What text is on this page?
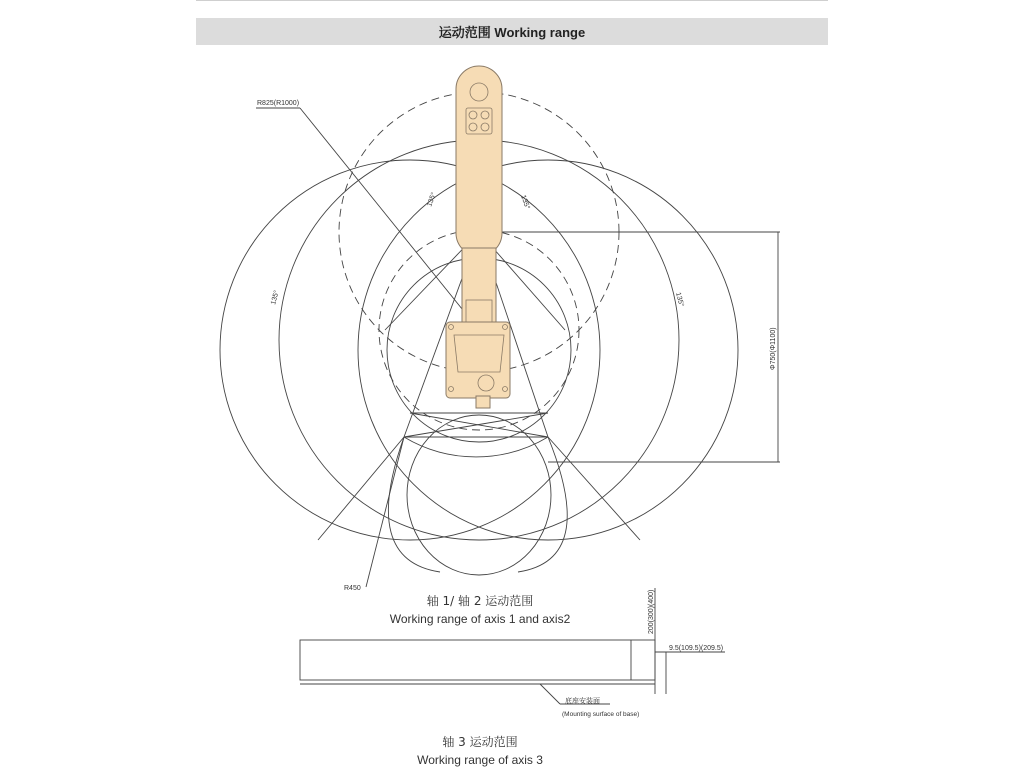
运动范围 Working range
R825(R1000)
R450
135°	135°
135°	135°
Φ750(Φ1100)
200(300)(400)
9.5(109.5)(209.5)
底座安装面
(Mounting surface of base)
轴 1/ 轴 2 运动范围
Working range of axis 1 and axis2
轴 3 运动范围
Working range of axis 3
